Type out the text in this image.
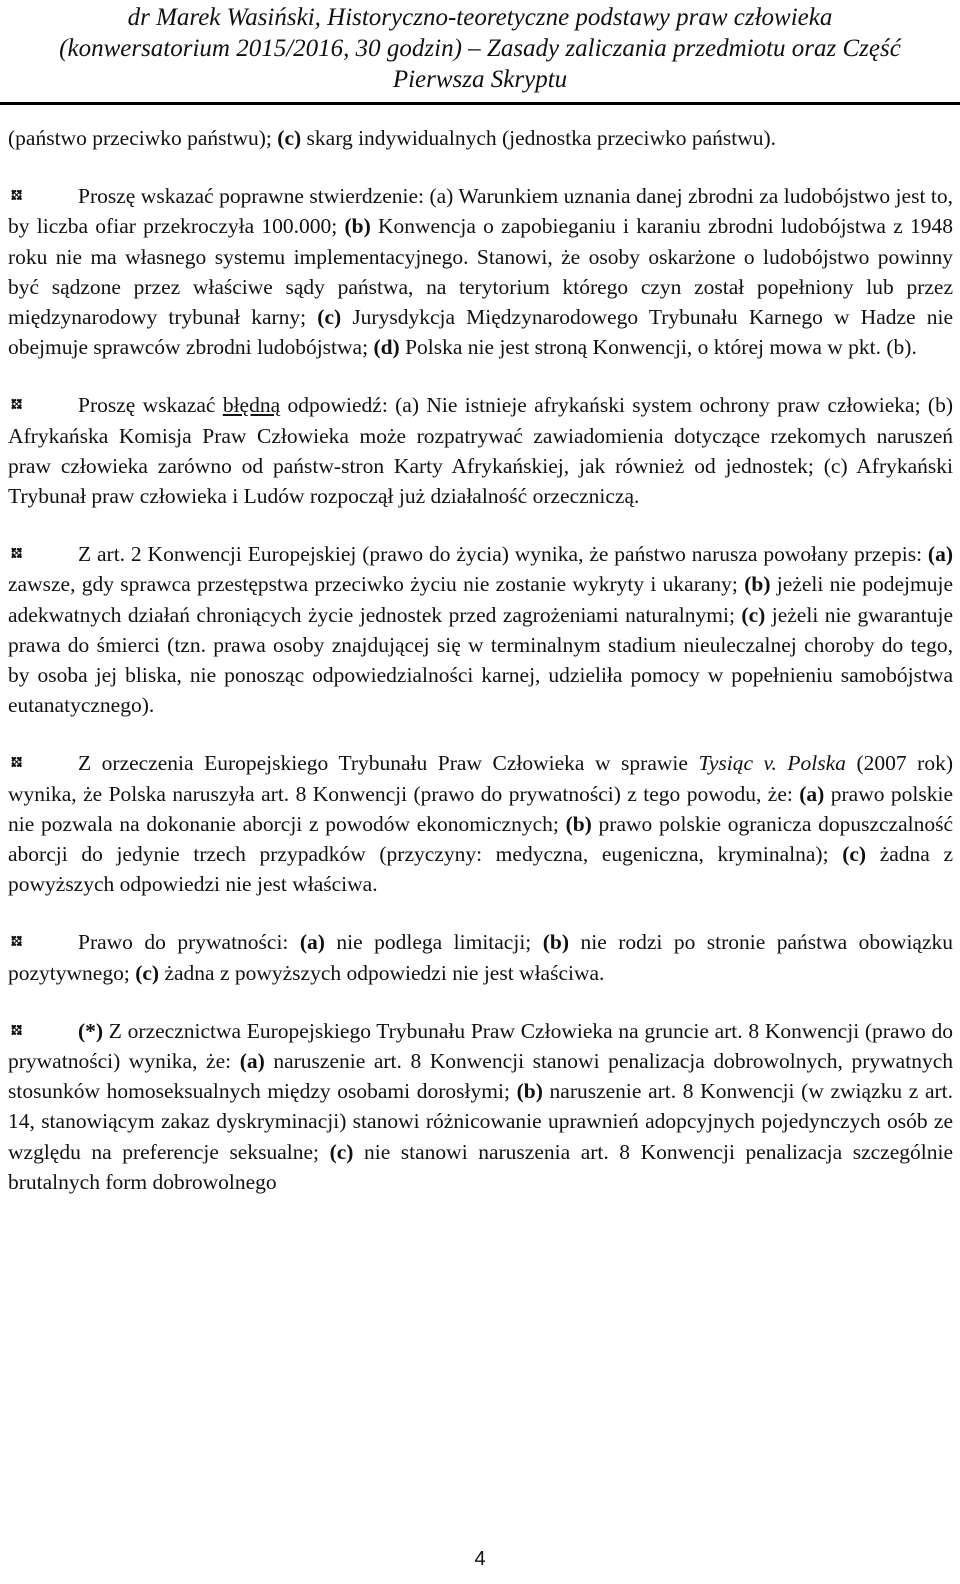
dr Marek Wasiński, Historyczno-teoretyczne podstawy praw człowieka
(konwersatorium 2015/2016, 30 godzin) – Zasady zaliczania przedmiotu oraz Część
Pierwsza Skryptu

(państwo przeciwko państwu); (c) skarg indywidualnych (jednostka przeciwko państwu).

✥ Proszę wskazać poprawne stwierdzenie: (a) Warunkiem uznania danej zbrodni za ludobójstwo jest to, by liczba ofiar przekroczyła 100.000; (b) Konwencja o zapobieganiu i karaniu zbrodni ludobójstwa z 1948 roku nie ma własnego systemu implementacyjnego. Stanowi, że osoby oskarżone o ludobójstwo powinny być sądzone przez właściwe sądy państwa, na terytorium którego czyn został popełniony lub przez międzynarodowy trybunał karny; (c) Jurysdykcja Międzynarodowego Trybunału Karnego w Hadze nie obejmuje sprawców zbrodni ludobójstwa; (d) Polska nie jest stroną Konwencji, o której mowa w pkt. (b).

✥ Proszę wskazać błędną odpowiedź: (a) Nie istnieje afrykański system ochrony praw człowieka; (b) Afrykańska Komisja Praw Człowieka może rozpatrywać zawiadomienia dotyczące rzekomych naruszeń praw człowieka zarówno od państw-stron Karty Afrykańskiej, jak również od jednostek; (c) Afrykański Trybunał praw człowieka i Ludów rozpoczął już działalność orzeczniczą.

✥ Z art. 2 Konwencji Europejskiej (prawo do życia) wynika, że państwo narusza powołany przepis: (a) zawsze, gdy sprawca przestępstwa przeciwko życiu nie zostanie wykryty i ukarany; (b) jeżeli nie podejmuje adekwatnych działań chroniących życie jednostek przed zagrożeniami naturalnymi; (c) jeżeli nie gwarantuje prawa do śmierci (tzn. prawa osoby znajdującej się w terminalnym stadium nieuleczalnej choroby do tego, by osoba jej bliska, nie ponosząc odpowiedzialności karnej, udzieliła pomocy w popełnieniu samobójstwa eutanatycznego).

✥ Z orzeczenia Europejskiego Trybunału Praw Człowieka w sprawie Tysiąc v. Polska (2007 rok) wynika, że Polska naruszyła art. 8 Konwencji (prawo do prywatności) z tego powodu, że: (a) prawo polskie nie pozwala na dokonanie aborcji z powodów ekonomicznych; (b) prawo polskie ogranicza dopuszczalność aborcji do jedynie trzech przypadków (przyczyny: medyczna, eugeniczna, kryminalna); (c) żadna z powyższych odpowiedzi nie jest właściwa.

✥ Prawo do prywatności: (a) nie podlega limitacji; (b) nie rodzi po stronie państwa obowiązku pozytywnego; (c) żadna z powyższych odpowiedzi nie jest właściwa.

✥ (*) Z orzecznictwa Europejskiego Trybunału Praw Człowieka na gruncie art. 8 Konwencji (prawo do prywatności) wynika, że: (a) naruszenie art. 8 Konwencji stanowi penalizacja dobrowolnych, prywatnych stosunków homoseksualnych między osobami dorosłymi; (b) naruszenie art. 8 Konwencji (w związku z art. 14, stanowiącym zakaz dyskryminacji) stanowi różnicowanie uprawnień adopcyjnych pojedynczych osób ze względu na preferencje seksualne; (c) nie stanowi naruszenia art. 8 Konwencji penalizacja szczególnie brutalnych form dobrowolnego

4
